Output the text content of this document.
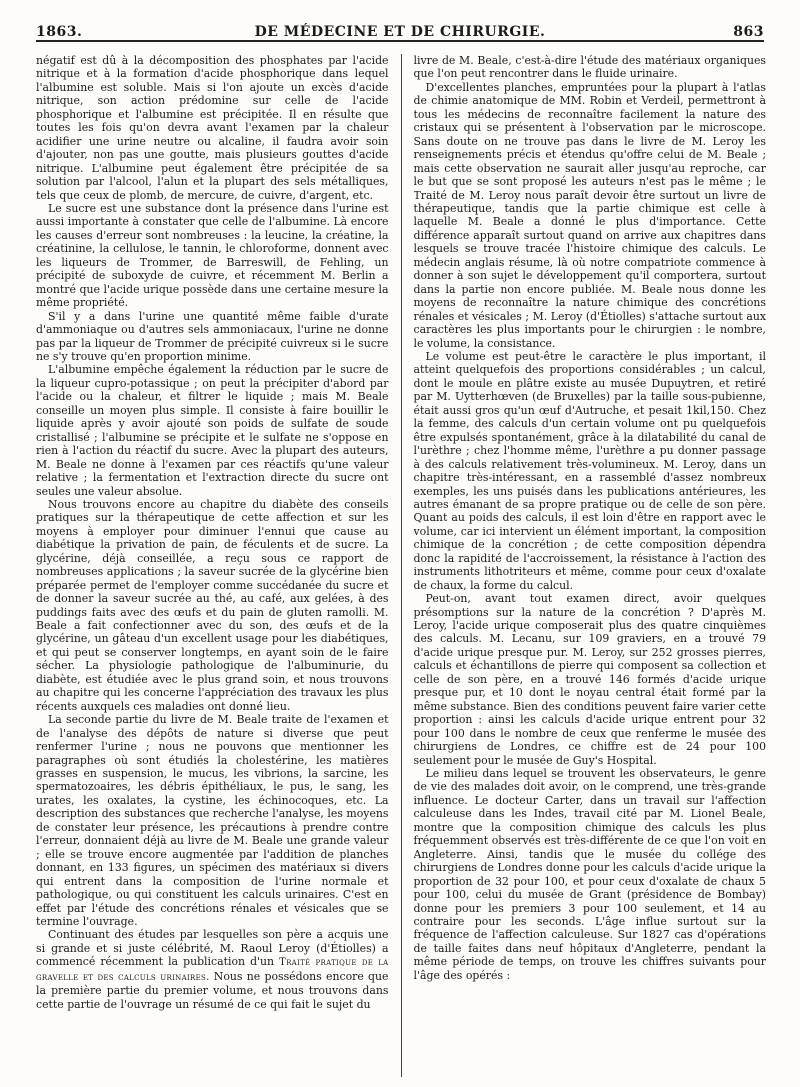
1863.	DE MÉDECINE ET DE CHIRURGIE.	863

négatif est dû à la décomposition des phosphates par l'acide nitrique et à la formation d'acide phosphorique dans lequel l'albumine est soluble. Mais si l'on ajoute un excès d'acide nitrique, son action prédomine sur celle de l'acide phosphorique et l'albumine est précipitée. Il en résulte que toutes les fois qu'on devra avant l'examen par la chaleur acidifier une urine neutre ou alcaline, il faudra avoir soin d'ajouter, non pas une goutte, mais plusieurs gouttes d'acide nitrique. L'albumine peut également être précipitée de sa solution par l'alcool, l'alun et la plupart des sels métalliques, tels que ceux de plomb, de mercure, de cuivre, d'argent, etc.

Le sucre est une substance dont la présence dans l'urine est aussi importante à constater que celle de l'albumine. Là encore les causes d'erreur sont nombreuses : la leucine, la créatine, la créatinine, la cellulose, le tannin, le chloroforme, donnent avec les liqueurs de Trommer, de Barreswill, de Fehling, un précipité de suboxyde de cuivre, et récemment M. Berlin a montré que l'acide urique possède dans une certaine mesure la même propriété.

S'il y a dans l'urine une quantité même faible d'urate d'ammoniaque ou d'autres sels ammoniacaux, l'urine ne donne pas par la liqueur de Trommer de précipité cuivreux si le sucre ne s'y trouve qu'en proportion minime.

L'albumine empêche également la réduction par le sucre de la liqueur cupro-potassique ; on peut la précipiter d'abord par l'acide ou la chaleur, et filtrer le liquide ; mais M. Beale conseille un moyen plus simple. Il consiste à faire bouillir le liquide après y avoir ajouté son poids de sulfate de soude cristallisé ; l'albumine se précipite et le sulfate ne s'oppose en rien à l'action du réactif du sucre. Avec la plupart des auteurs, M. Beale ne donne à l'examen par ces réactifs qu'une valeur relative ; la fermentation et l'extraction directe du sucre ont seules une valeur absolue.

Nous trouvons encore au chapitre du diabète des conseils pratiques sur la thérapeutique de cette affection et sur les moyens à employer pour diminuer l'ennui que cause au diabétique la privation de pain, de féculents et de sucre. La glycérine, déjà conseillée, a reçu sous ce rapport de nombreuses applications ; la saveur sucrée de la glycérine bien préparée permet de l'employer comme succédanée du sucre et de donner la saveur sucrée au thé, au café, aux gelées, à des puddings faits avec des œufs et du pain de gluten ramolli. M. Beale a fait confectionner avec du son, des œufs et de la glycérine, un gâteau d'un excellent usage pour les diabétiques, et qui peut se conserver longtemps, en ayant soin de le faire sécher. La physiologie pathologique de l'albuminurie, du diabète, est étudiée avec le plus grand soin, et nous trouvons au chapitre qui les concerne l'appréciation des travaux les plus récents auxquels ces maladies ont donné lieu.

La seconde partie du livre de M. Beale traite de l'examen et de l'analyse des dépôts de nature si diverse que peut renfermer l'urine ; nous ne pouvons que mentionner les paragraphes où sont étudiés la cholestérine, les matières grasses en suspension, le mucus, les vibrions, la sarcine, les spermatozoaires, les débris épithéliaux, le pus, le sang, les urates, les oxalates, la cystine, les échinocoques, etc. La description des substances que recherche l'analyse, les moyens de constater leur présence, les précautions à prendre contre l'erreur, donnaient déjà au livre de M. Beale une grande valeur ; elle se trouve encore augmentée par l'addition de planches donnant, en 133 figures, un spécimen des matériaux si divers qui entrent dans la composition de l'urine normale et pathologique, ou qui constituent les calculs urinaires. C'est en effet par l'étude des concrétions rénales et vésicales que se termine l'ouvrage.

Continuant des études par lesquelles son père a acquis une si grande et si juste célébrité, M. Raoul Leroy (d'Étiolles) a commencé récemment la publication d'un Traité pratique de la gravelle et des calculs urinaires. Nous ne possédons encore que la première partie du premier volume, et nous trouvons dans cette partie de l'ouvrage un résumé de ce qui fait le sujet du

livre de M. Beale, c'est-à-dire l'étude des matériaux organiques que l'on peut rencontrer dans le fluide urinaire.

D'excellentes planches, empruntées pour la plupart à l'atlas de chimie anatomique de MM. Robin et Verdeil, permettront à tous les médecins de reconnaître facilement la nature des cristaux qui se présentent à l'observation par le microscope. Sans doute on ne trouve pas dans le livre de M. Leroy les renseignements précis et étendus qu'offre celui de M. Beale ; mais cette observation ne saurait aller jusqu'au reproche, car le but que se sont proposé les auteurs n'est pas le même ; le Traité de M. Leroy nous paraît devoir être surtout un livre de thérapeutique, tandis que la partie chimique est celle à laquelle M. Beale a donné le plus d'importance. Cette différence apparaît surtout quand on arrive aux chapitres dans lesquels se trouve tracée l'histoire chimique des calculs. Le médecin anglais résume, là où notre compatriote commence à donner à son sujet le développement qu'il comportera, surtout dans la partie non encore publiée. M. Beale nous donne les moyens de reconnaître la nature chimique des concrétions rénales et vésicales ; M. Leroy (d'Étiolles) s'attache surtout aux caractères les plus importants pour le chirurgien : le nombre, le volume, la consistance.

Le volume est peut-être le caractère le plus important, il atteint quelquefois des proportions considérables ; un calcul, dont le moule en plâtre existe au musée Dupuytren, et retiré par M. Uytterhœven (de Bruxelles) par la taille sous-pubienne, était aussi gros qu'un œuf d'Autruche, et pesait 1kil,150. Chez la femme, des calculs d'un certain volume ont pu quelquefois être expulsés spontanément, grâce à la dilatabilité du canal de l'urèthre ; chez l'homme même, l'urèthre a pu donner passage à des calculs relativement très-volumineux. M. Leroy, dans un chapitre très-intéressant, en a rassemblé d'assez nombreux exemples, les uns puisés dans les publications antérieures, les autres émanant de sa propre pratique ou de celle de son père. Quant au poids des calculs, il est loin d'être en rapport avec le volume, car ici intervient un élément important, la composition chimique de la concrétion ; de cette composition dépendra donc la rapidité de l'accroissement, la résistance à l'action des instruments lithotriteurs et même, comme pour ceux d'oxalate de chaux, la forme du calcul.

Peut-on, avant tout examen direct, avoir quelques présomptions sur la nature de la concrétion ? D'après M. Leroy, l'acide urique composerait plus des quatre cinquièmes des calculs. M. Lecanu, sur 109 graviers, en a trouvé 79 d'acide urique presque pur. M. Leroy, sur 252 grosses pierres, calculs et échantillons de pierre qui composent sa collection et celle de son père, en a trouvé 146 formés d'acide urique presque pur, et 10 dont le noyau central était formé par la même substance. Bien des conditions peuvent faire varier cette proportion : ainsi les calculs d'acide urique entrent pour 32 pour 100 dans le nombre de ceux que renferme le musée des chirurgiens de Londres, ce chiffre est de 24 pour 100 seulement pour le musée de Guy's Hospital.

Le milieu dans lequel se trouvent les observateurs, le genre de vie des malades doit avoir, on le comprend, une très-grande influence. Le docteur Carter, dans un travail sur l'affection calculeuse dans les Indes, travail cité par M. Lionel Beale, montre que la composition chimique des calculs les plus fréquemment observés est très-différente de ce que l'on voit en Angleterre. Ainsi, tandis que le musée du collége des chirurgiens de Londres donne pour les calculs d'acide urique la proportion de 32 pour 100, et pour ceux d'oxalate de chaux 5 pour 100, celui du musée de Grant (présidence de Bombay) donne pour les premiers 3 pour 100 seulement, et 14 au contraire pour les seconds. L'âge influe surtout sur la fréquence de l'affection calculeuse. Sur 1827 cas d'opérations de taille faites dans neuf hôpitaux d'Angleterre, pendant la même période de temps, on trouve les chiffres suivants pour l'âge des opérés :
